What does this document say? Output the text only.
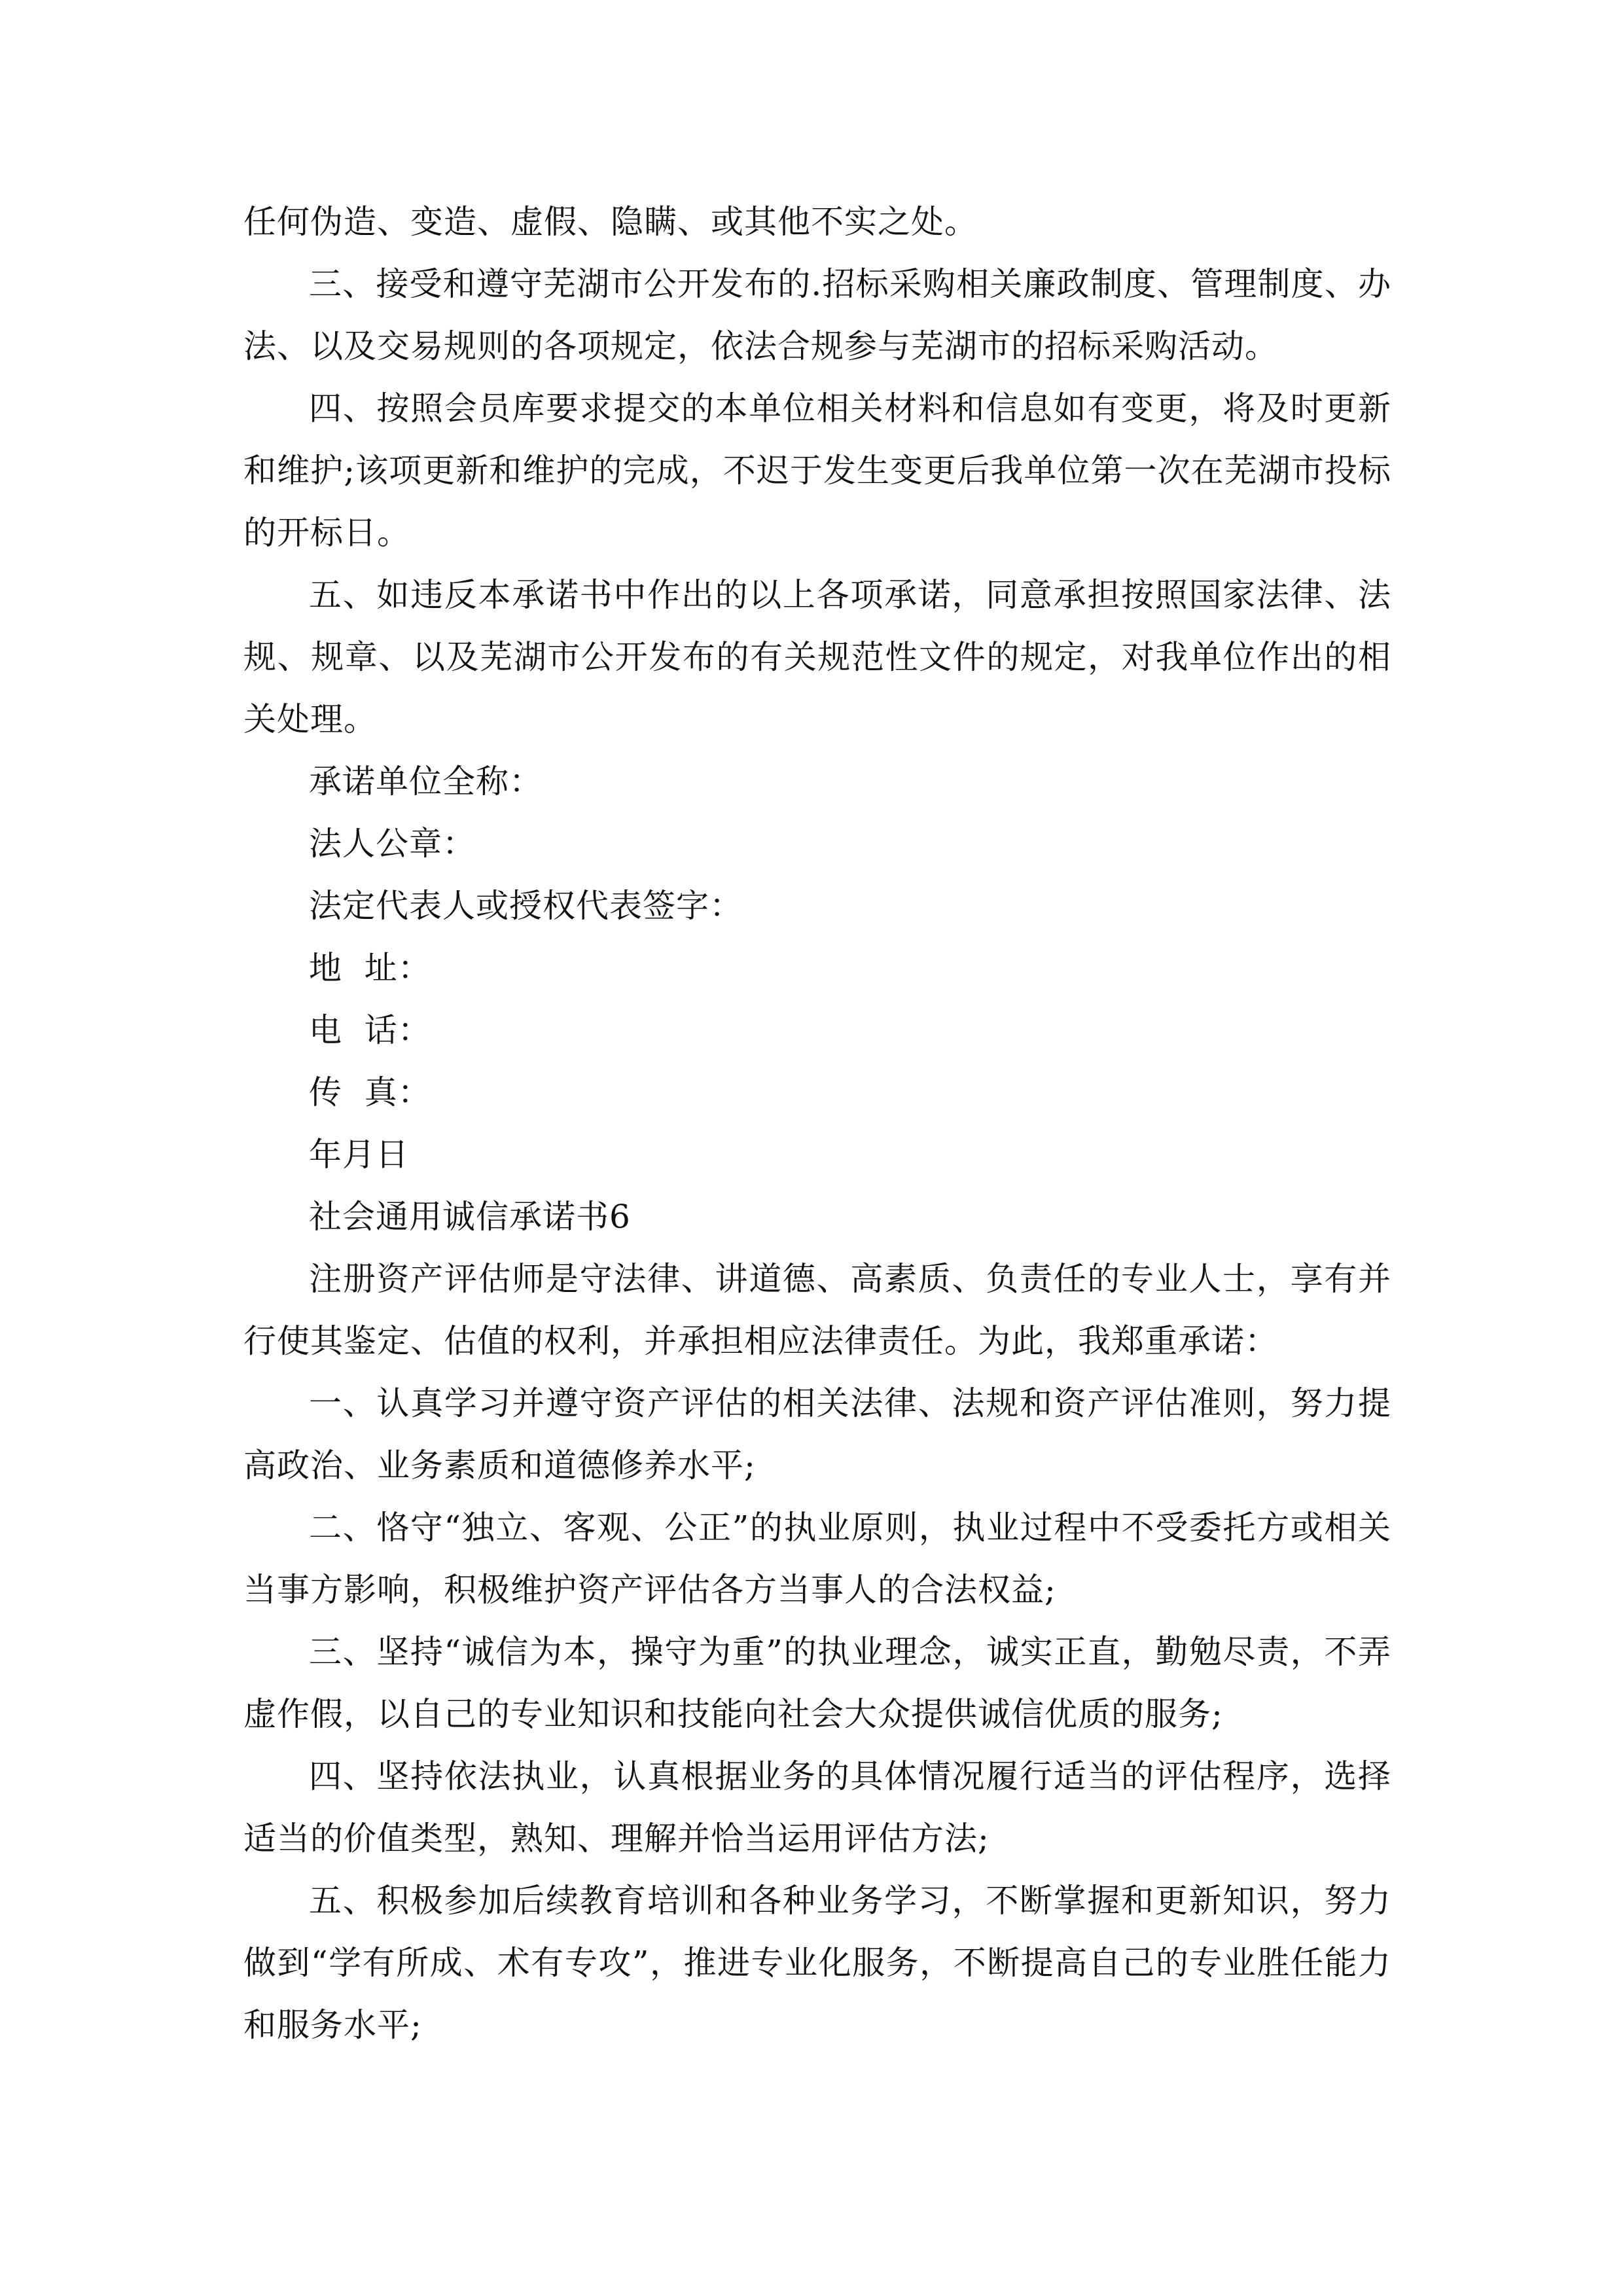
任何伪造、变造、虚假、隐瞒、或其他不实之处。

三、接受和遵守芜湖市公开发布的.招标采购相关廉政制度、管理制度、办法、以及交易规则的各项规定，依法合规参与芜湖市的招标采购活动。

四、按照会员库要求提交的本单位相关材料和信息如有变更，将及时更新和维护;该项更新和维护的完成，不迟于发生变更后我单位第一次在芜湖市投标的开标日。

五、如违反本承诺书中作出的以上各项承诺，同意承担按照国家法律、法规、规章、以及芜湖市公开发布的有关规范性文件的规定，对我单位作出的相关处理。

承诺单位全称：

法人公章：

法定代表人或授权代表签字：

地  址：

电  话：

传  真：

年月日

社会通用诚信承诺书6

注册资产评估师是守法律、讲道德、高素质、负责任的专业人士，享有并行使其鉴定、估值的权利，并承担相应法律责任。为此，我郑重承诺：

一、认真学习并遵守资产评估的相关法律、法规和资产评估准则，努力提高政治、业务素质和道德修养水平;

二、恪守“独立、客观、公正”的执业原则，执业过程中不受委托方或相关当事方影响，积极维护资产评估各方当事人的合法权益;

三、坚持“诚信为本，操守为重”的执业理念，诚实正直，勤勉尽责，不弄虚作假，以自己的专业知识和技能向社会大众提供诚信优质的服务;

四、坚持依法执业，认真根据业务的具体情况履行适当的评估程序，选择适当的价值类型，熟知、理解并恰当运用评估方法;

五、积极参加后续教育培训和各种业务学习，不断掌握和更新知识，努力做到“学有所成、术有专攻”，推进专业化服务，不断提高自己的专业胜任能力和服务水平;
